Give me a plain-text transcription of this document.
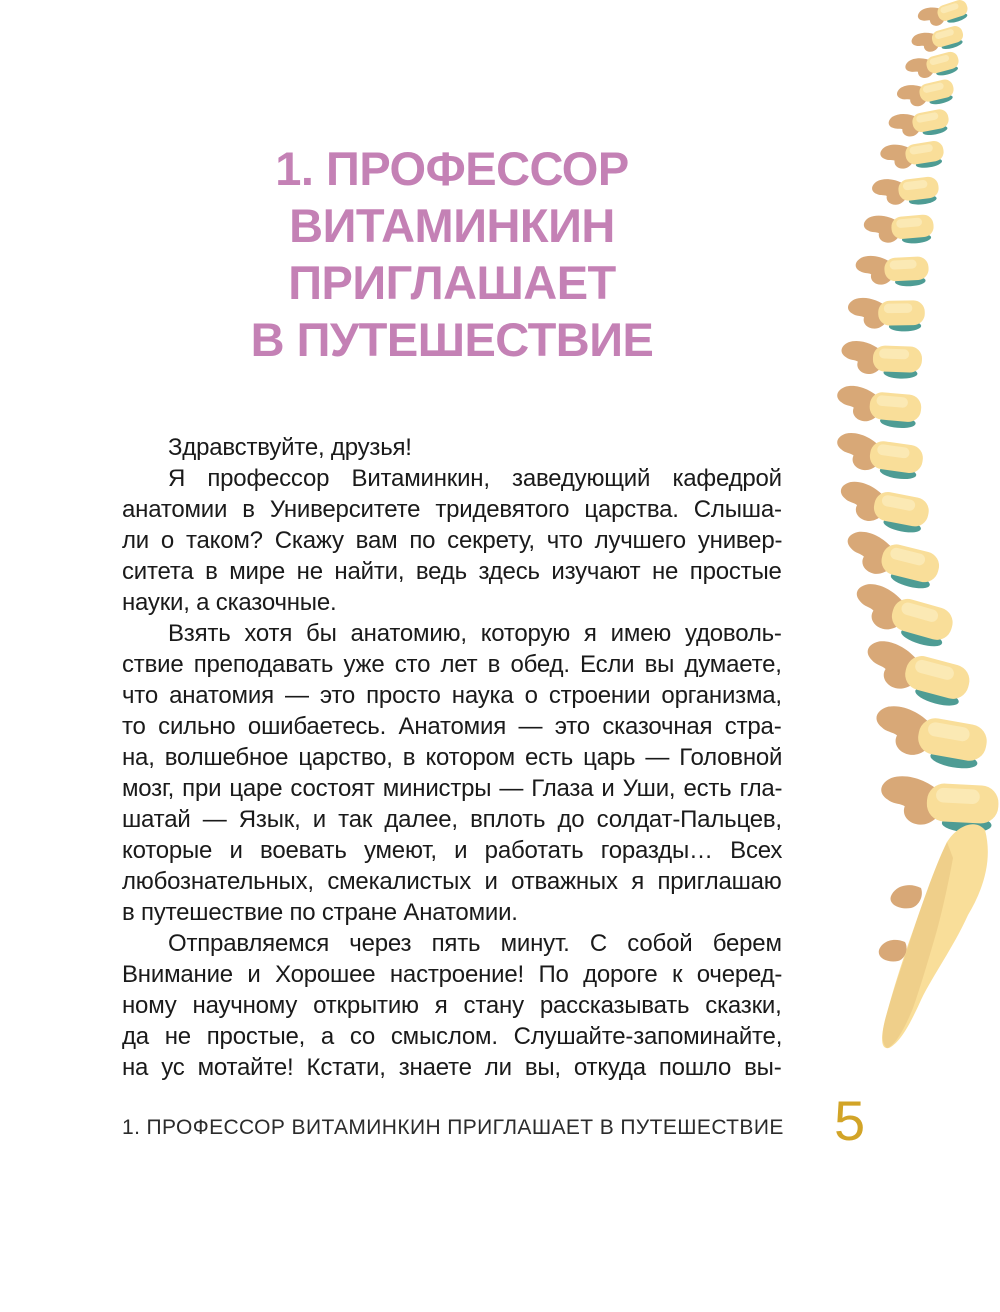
1. ПРОФЕССОР
ВИТАМИНКИН
ПРИГЛАШАЕТ
В ПУТЕШЕСТВИЕ

Здравствуйте, друзья!

Я профессор Витаминкин, заведующий кафедрой
анатомии в Университете тридевятого царства. Слыша-
ли о таком? Скажу вам по секрету, что лучшего универ-
ситета в мире не найти, ведь здесь изучают не простые
науки, а сказочные.

Взять хотя бы анатомию, которую я имею удоволь-
ствие преподавать уже сто лет в обед. Если вы думаете,
что анатомия — это просто наука о строении организма,
то сильно ошибаетесь. Анатомия — это сказочная стра-
на, волшебное царство, в котором есть царь — Головной
мозг, при царе состоят министры — Глаза и Уши, есть гла-
шатай — Язык, и так далее, вплоть до солдат-Пальцев,
которые и воевать умеют, и работать горазды… Всех
любознательных, смекалистых и отважных я приглашаю
в путешествие по стране Анатомии.

Отправляемся через пять минут. С собой берем
Внимание и Хорошее настроение! По дороге к очеред-
ному научному открытию я стану рассказывать сказки,
да не простые, а со смыслом. Слушайте-запоминайте,
на ус мотайте! Кстати, знаете ли вы, откуда пошло вы-

1. ПРОФЕССОР ВИТАМИНКИН ПРИГЛАШАЕТ В ПУТЕШЕСТВИЕ 5
